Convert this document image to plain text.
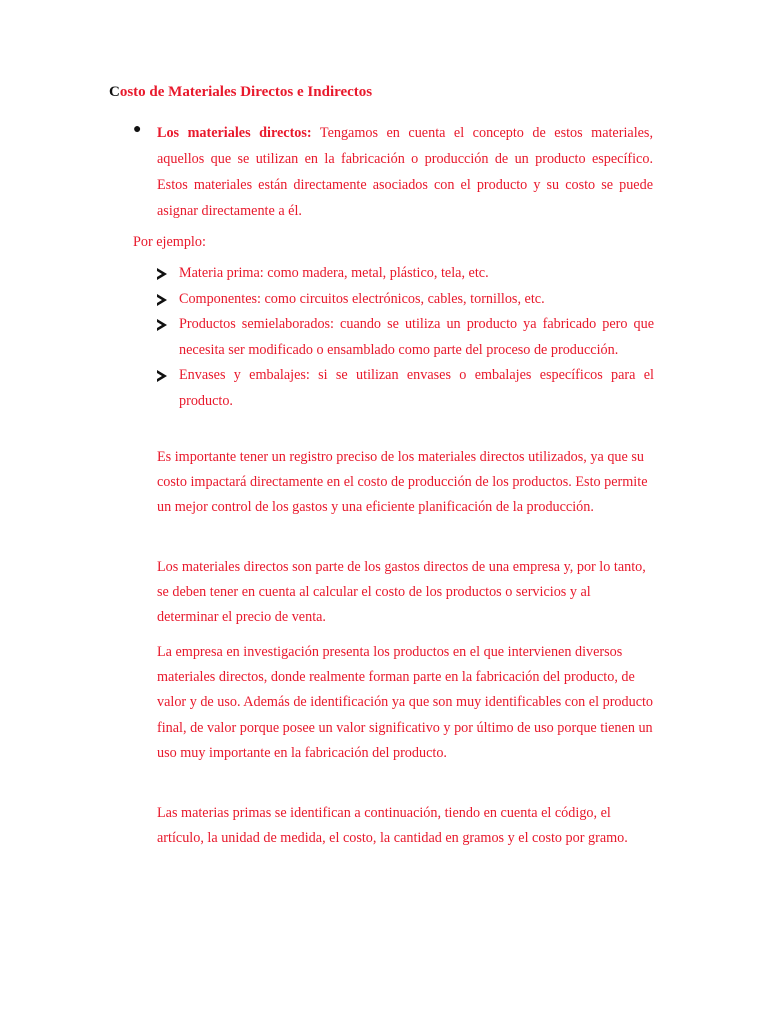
Costo de Materiales Directos e Indirectos
● Los materiales directos: Tengamos en cuenta el concepto de estos materiales, aquellos que se utilizan en la fabricación o producción de un producto específico. Estos materiales están directamente asociados con el producto y su costo se puede asignar directamente a él.
Por ejemplo:
Materia prima: como madera, metal, plástico, tela, etc.
Componentes: como circuitos electrónicos, cables, tornillos, etc.
Productos semielaborados: cuando se utiliza un producto ya fabricado pero que necesita ser modificado o ensamblado como parte del proceso de producción.
Envases y embalajes: si se utilizan envases o embalajes específicos para el producto.
Es importante tener un registro preciso de los materiales directos utilizados, ya que su costo impactará directamente en el costo de producción de los productos. Esto permite un mejor control de los gastos y una eficiente planificación de la producción.
Los materiales directos son parte de los gastos directos de una empresa y, por lo tanto, se deben tener en cuenta al calcular el costo de los productos o servicios y al determinar el precio de venta.
La empresa en investigación presenta los productos en el que intervienen diversos materiales directos, donde realmente forman parte en la fabricación del producto, de valor y de uso. Además de identificación ya que son muy identificables con el producto final, de valor porque posee un valor significativo y por último de uso porque tienen un uso muy importante en la fabricación del producto.
Las materias primas se identifican a continuación, tiendo en cuenta el código, el artículo, la unidad de medida, el costo, la cantidad en gramos y el costo por gramo.
